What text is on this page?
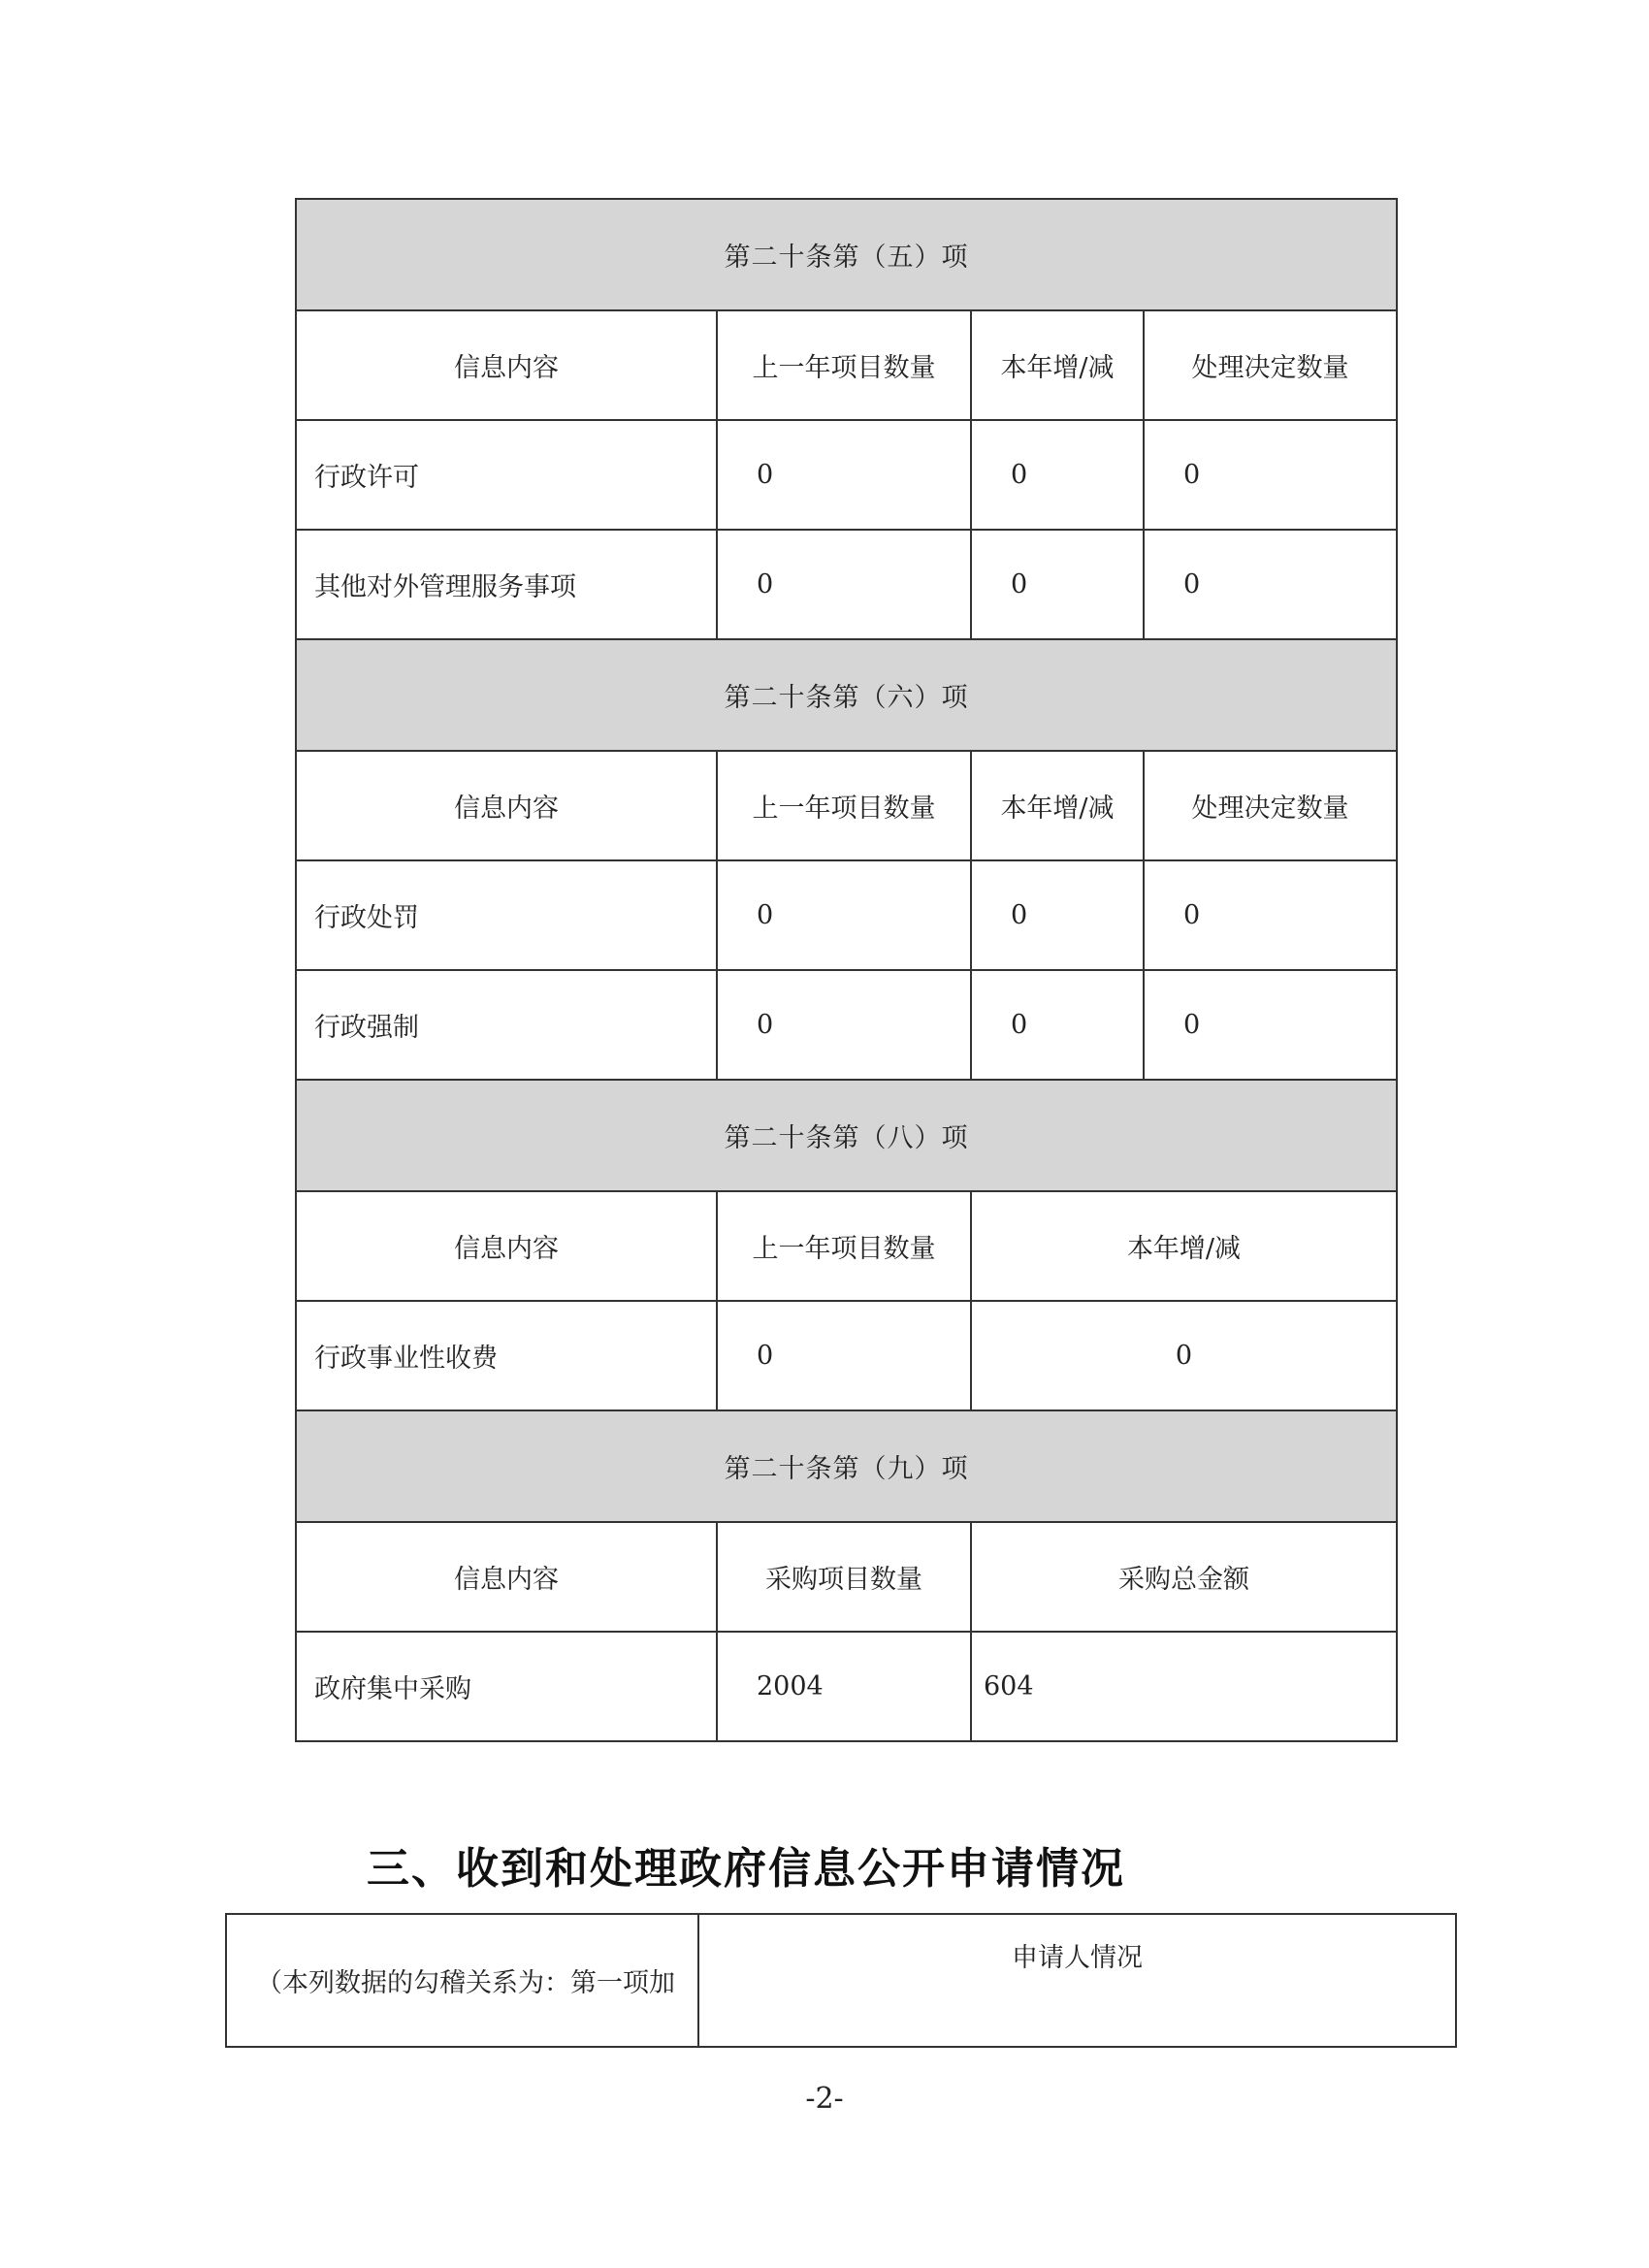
第二十条第（五）项			
信息内容	上一年项目数量	本年增/减	处理决定数量
行政许可	0	0	0
其他对外管理服务事项	0	0	0
第二十条第（六）项			
信息内容	上一年项目数量	本年增/减	处理决定数量
行政处罚	0	0	0
行政强制	0	0	0
第二十条第（八）项			
信息内容	上一年项目数量	本年增/减	
行政事业性收费	0	0	
第二十条第（九）项			
信息内容	采购项目数量	采购总金额	
政府集中采购	2004	604	
三、收到和处理政府信息公开申请情况
（本列数据的勾稽关系为：第一项加	申请人情况
-2-
